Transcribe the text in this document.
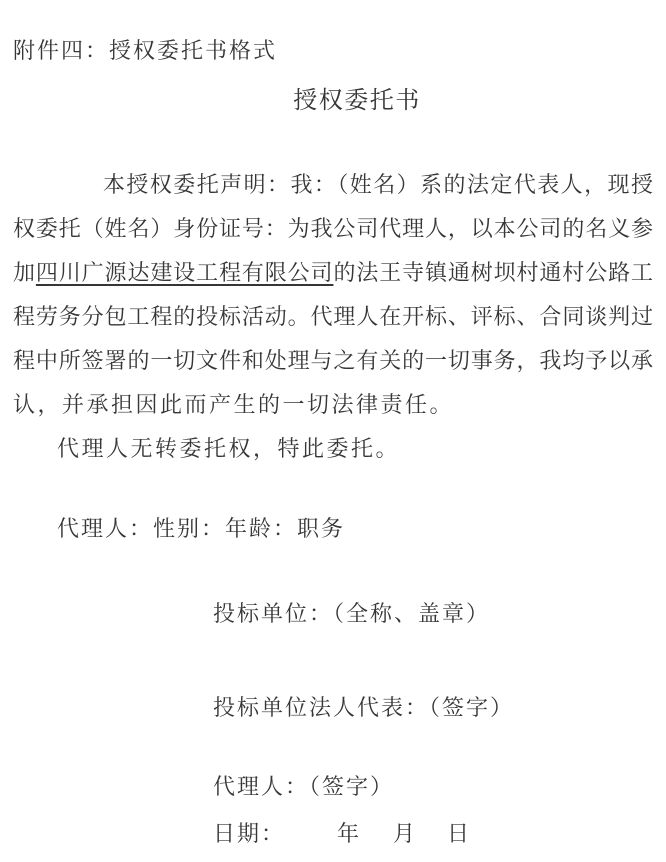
附件四：授权委托书格式
授权委托书
本授权委托声明：我：（姓名）系的法定代表人，现授
权委托（姓名）身份证号：为我公司代理人，以本公司的名义参
加四川广源达建设工程有限公司的法王寺镇通树坝村通村公路工
程劳务分包工程的投标活动。代理人在开标、评标、合同谈判过
程中所签署的一切文件和处理与之有关的一切事务，我均予以承
认，并承担因此而产生的一切法律责任。
代理人无转委托权，特此委托。
代理人：性别：年龄：职务
投标单位：（全称、盖章）
投标单位法人代表：（签字）
代理人：（签字）
日期： 年 月 日
